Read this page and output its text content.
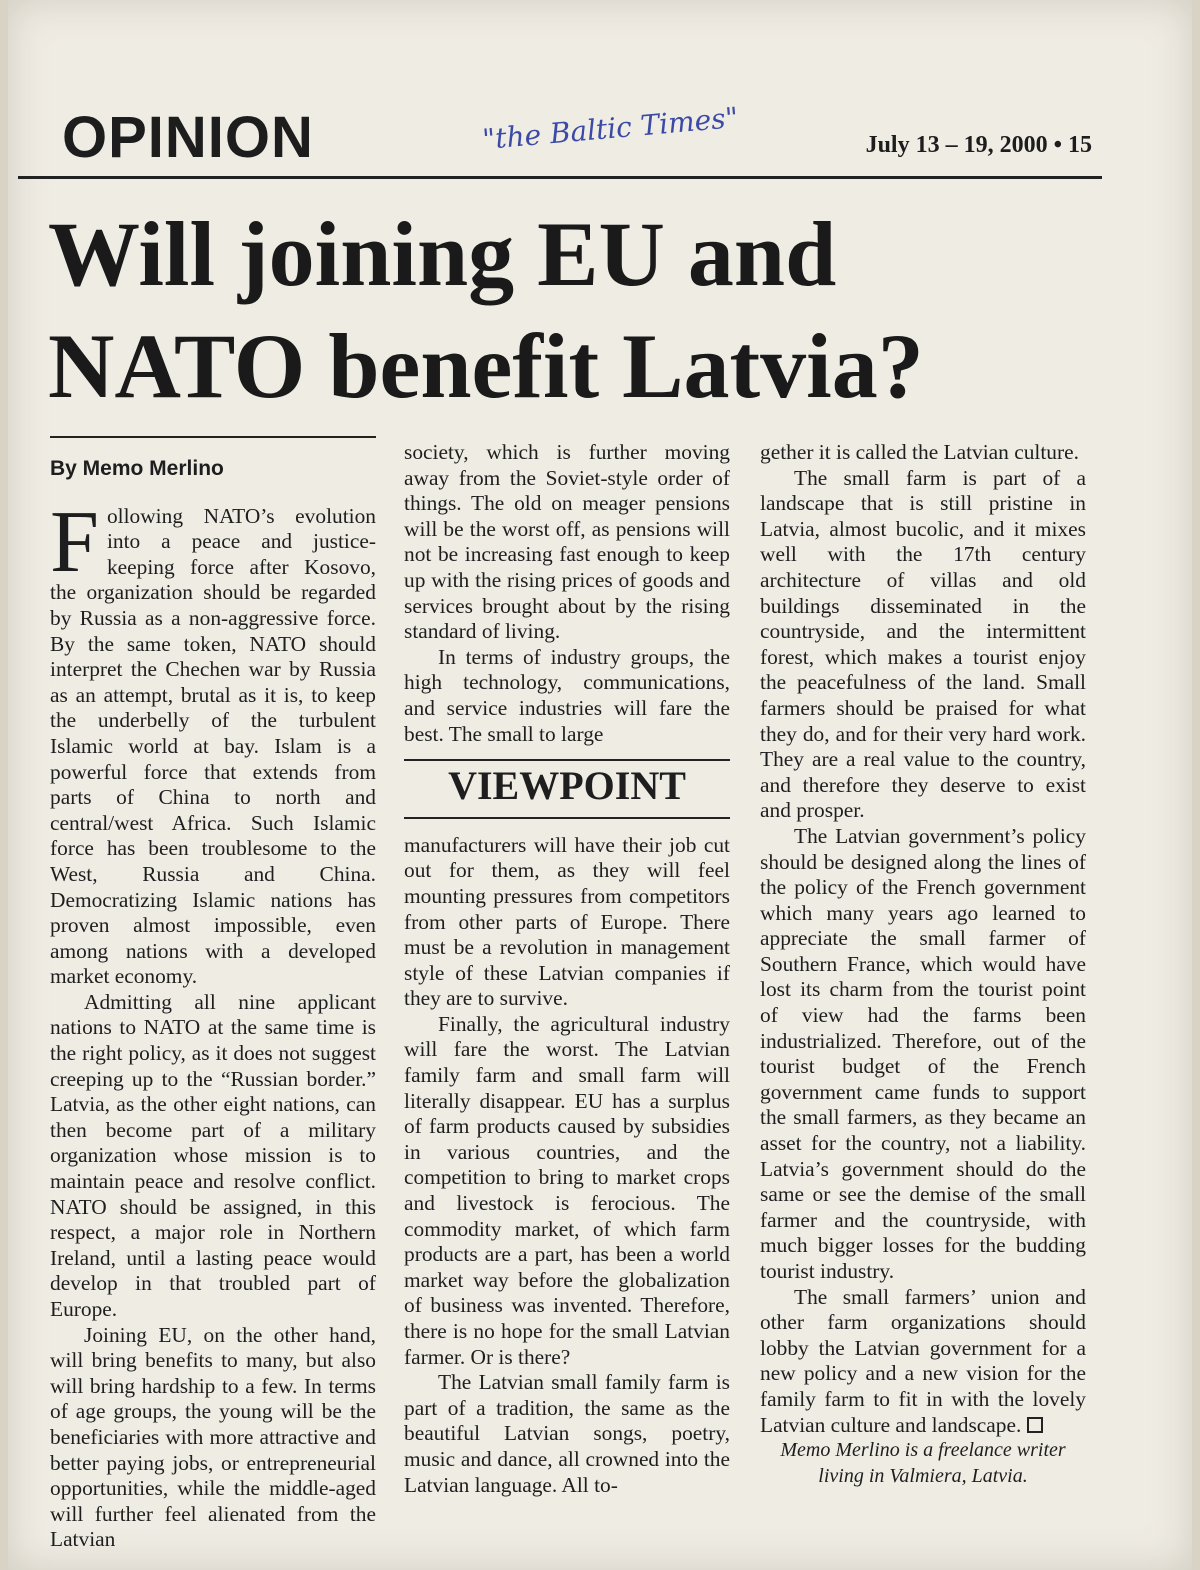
OPINION	"the Baltic Times"	July 13 – 19, 2000 • 15
Will joining EU and NATO benefit Latvia?
By Memo Merlino

Following NATO’s evolution into a peace and justice-keeping force after Kosovo, the organization should be regarded by Russia as a non-aggressive force. By the same token, NATO should interpret the Chechen war by Russia as an attempt, brutal as it is, to keep the underbelly of the turbulent Islamic world at bay. Islam is a powerful force that extends from parts of China to north and central/west Africa. Such Islamic force has been troublesome to the West, Russia and China. Democratizing Islamic nations has proven almost impossible, even among nations with a developed market economy.

Admitting all nine applicant nations to NATO at the same time is the right policy, as it does not suggest creeping up to the “Russian border.” Latvia, as the other eight nations, can then become part of a military organization whose mission is to maintain peace and resolve conflict. NATO should be assigned, in this respect, a major role in Northern Ireland, until a lasting peace would develop in that troubled part of Europe.

Joining EU, on the other hand, will bring benefits to many, but also will bring hardship to a few. In terms of age groups, the young will be the beneficiaries with more attractive and better paying jobs, or entrepreneurial opportunities, while the middle-aged will further feel alienated from the Latvian

society, which is further moving away from the Soviet-style order of things. The old on meager pensions will be the worst off, as pensions will not be increasing fast enough to keep up with the rising prices of goods and services brought about by the rising standard of living.

In terms of industry groups, the high technology, communications, and service industries will fare the best. The small to large

VIEWPOINT

manufacturers will have their job cut out for them, as they will feel mounting pressures from competitors from other parts of Europe. There must be a revolution in management style of these Latvian companies if they are to survive.

Finally, the agricultural industry will fare the worst. The Latvian family farm and small farm will literally disappear. EU has a surplus of farm products caused by subsidies in various countries, and the competition to bring to market crops and livestock is ferocious. The commodity market, of which farm products are a part, has been a world market way before the globalization of business was invented. Therefore, there is no hope for the small Latvian farmer. Or is there?

The Latvian small family farm is part of a tradition, the same as the beautiful Latvian songs, poetry, music and dance, all crowned into the Latvian language. All to-

gether it is called the Latvian culture.

The small farm is part of a landscape that is still pristine in Latvia, almost bucolic, and it mixes well with the 17th century architecture of villas and old buildings disseminated in the countryside, and the intermittent forest, which makes a tourist enjoy the peacefulness of the land. Small farmers should be praised for what they do, and for their very hard work. They are a real value to the country, and therefore they deserve to exist and prosper.

The Latvian government’s policy should be designed along the lines of the policy of the French government which many years ago learned to appreciate the small farmer of Southern France, which would have lost its charm from the tourist point of view had the farms been industrialized. Therefore, out of the tourist budget of the French government came funds to support the small farmers, as they became an asset for the country, not a liability. Latvia’s government should do the same or see the demise of the small farmer and the countryside, with much bigger losses for the budding tourist industry.

The small farmers’ union and other farm organizations should lobby the Latvian government for a new policy and a new vision for the family farm to fit in with the lovely Latvian culture and landscape.

Memo Merlino is a freelance writer living in Valmiera, Latvia.
